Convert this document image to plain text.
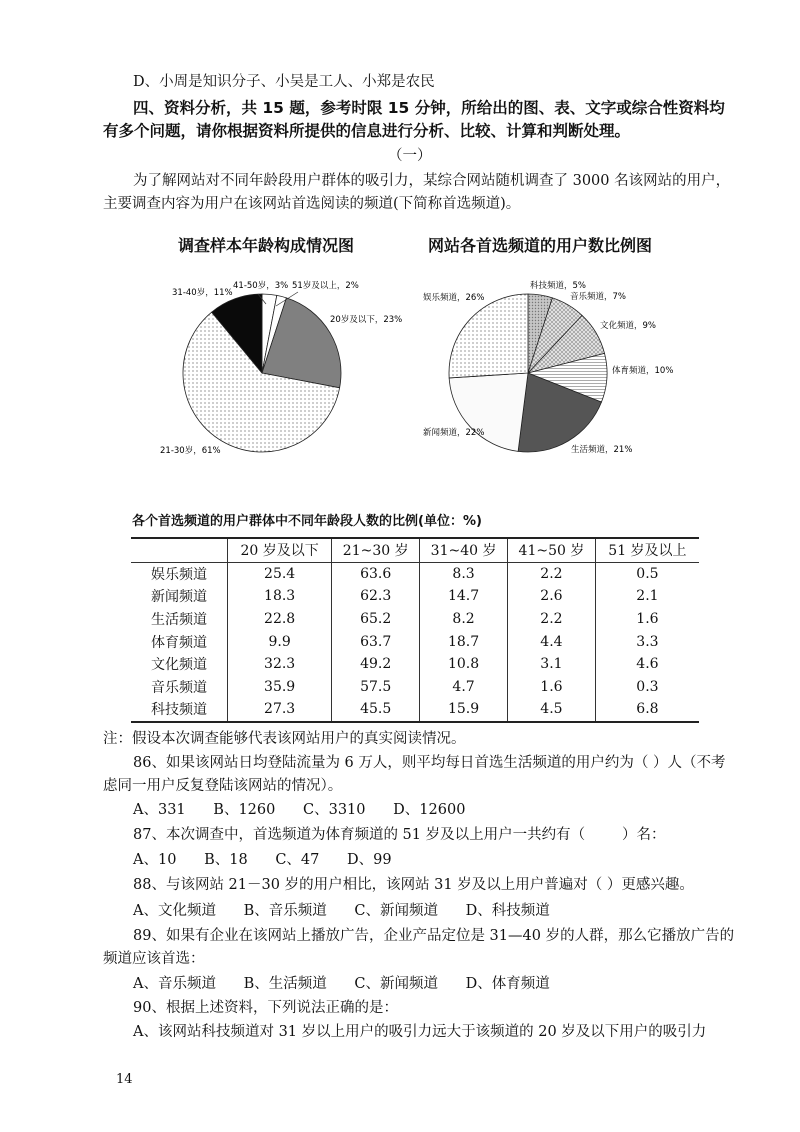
D、小周是知识分子、小吴是工人、小郑是农民
四、资料分析，共 15 题，参考时限 15 分钟，所给出的图、表、文字或综合性资料均
有多个问题，请你根据资料所提供的信息进行分析、比较、计算和判断处理。
（一）
为了解网站对不同年龄段用户群体的吸引力，某综合网站随机调查了 3000 名该网站的用户，
主要调查内容为用户在该网站首选阅读的频道(下简称首选频道)。
调查样本年龄构成情况图	网站各首选频道的用户数比例图
41-50岁，3% 51岁及以上，2%
20岁及以下，23%
21-30岁，61%
31-40岁，11%
科技频道，5%
音乐频道，7%
文化频道，9%
体育频道，10%
生活频道，21%
新闻频道，22%
娱乐频道，26%
各个首选频道的用户群体中不同年龄段人数的比例(单位：%)
	20 岁及以下	21~30 岁	31~40 岁	41~50 岁	51 岁及以上
娱乐频道	25.4	63.6	8.3	2.2	0.5
新闻频道	18.3	62.3	14.7	2.6	2.1
生活频道	22.8	65.2	8.2	2.2	1.6
体育频道	9.9	63.7	18.7	4.4	3.3
文化频道	32.3	49.2	10.8	3.1	4.6
音乐频道	35.9	57.5	4.7	1.6	0.3
科技频道	27.3	45.5	15.9	4.5	6.8
注：假设本次调查能够代表该网站用户的真实阅读情况。
86、如果该网站日均登陆流量为 6 万人，则平均每日首选生活频道的用户约为（ ）人（不考
虑同一用户反复登陆该网站的情况）。
A、331      B、1260      C、3310      D、12600
87、本次调查中，首选频道为体育频道的 51 岁及以上用户一共约有（        ）名：
A、10      B、18      C、47      D、99
88、与该网站 21－30 岁的用户相比，该网站 31 岁及以上用户普遍对（ ）更感兴趣。
A、文化频道      B、音乐频道      C、新闻频道      D、科技频道
89、如果有企业在该网站上播放广告，企业产品定位是 31—40 岁的人群，那么它播放广告的
频道应该首选：
A、音乐频道      B、生活频道      C、新闻频道      D、体育频道
90、根据上述资料，下列说法正确的是：
A、该网站科技频道对 31 岁以上用户的吸引力远大于该频道的 20 岁及以下用户的吸引力
14
